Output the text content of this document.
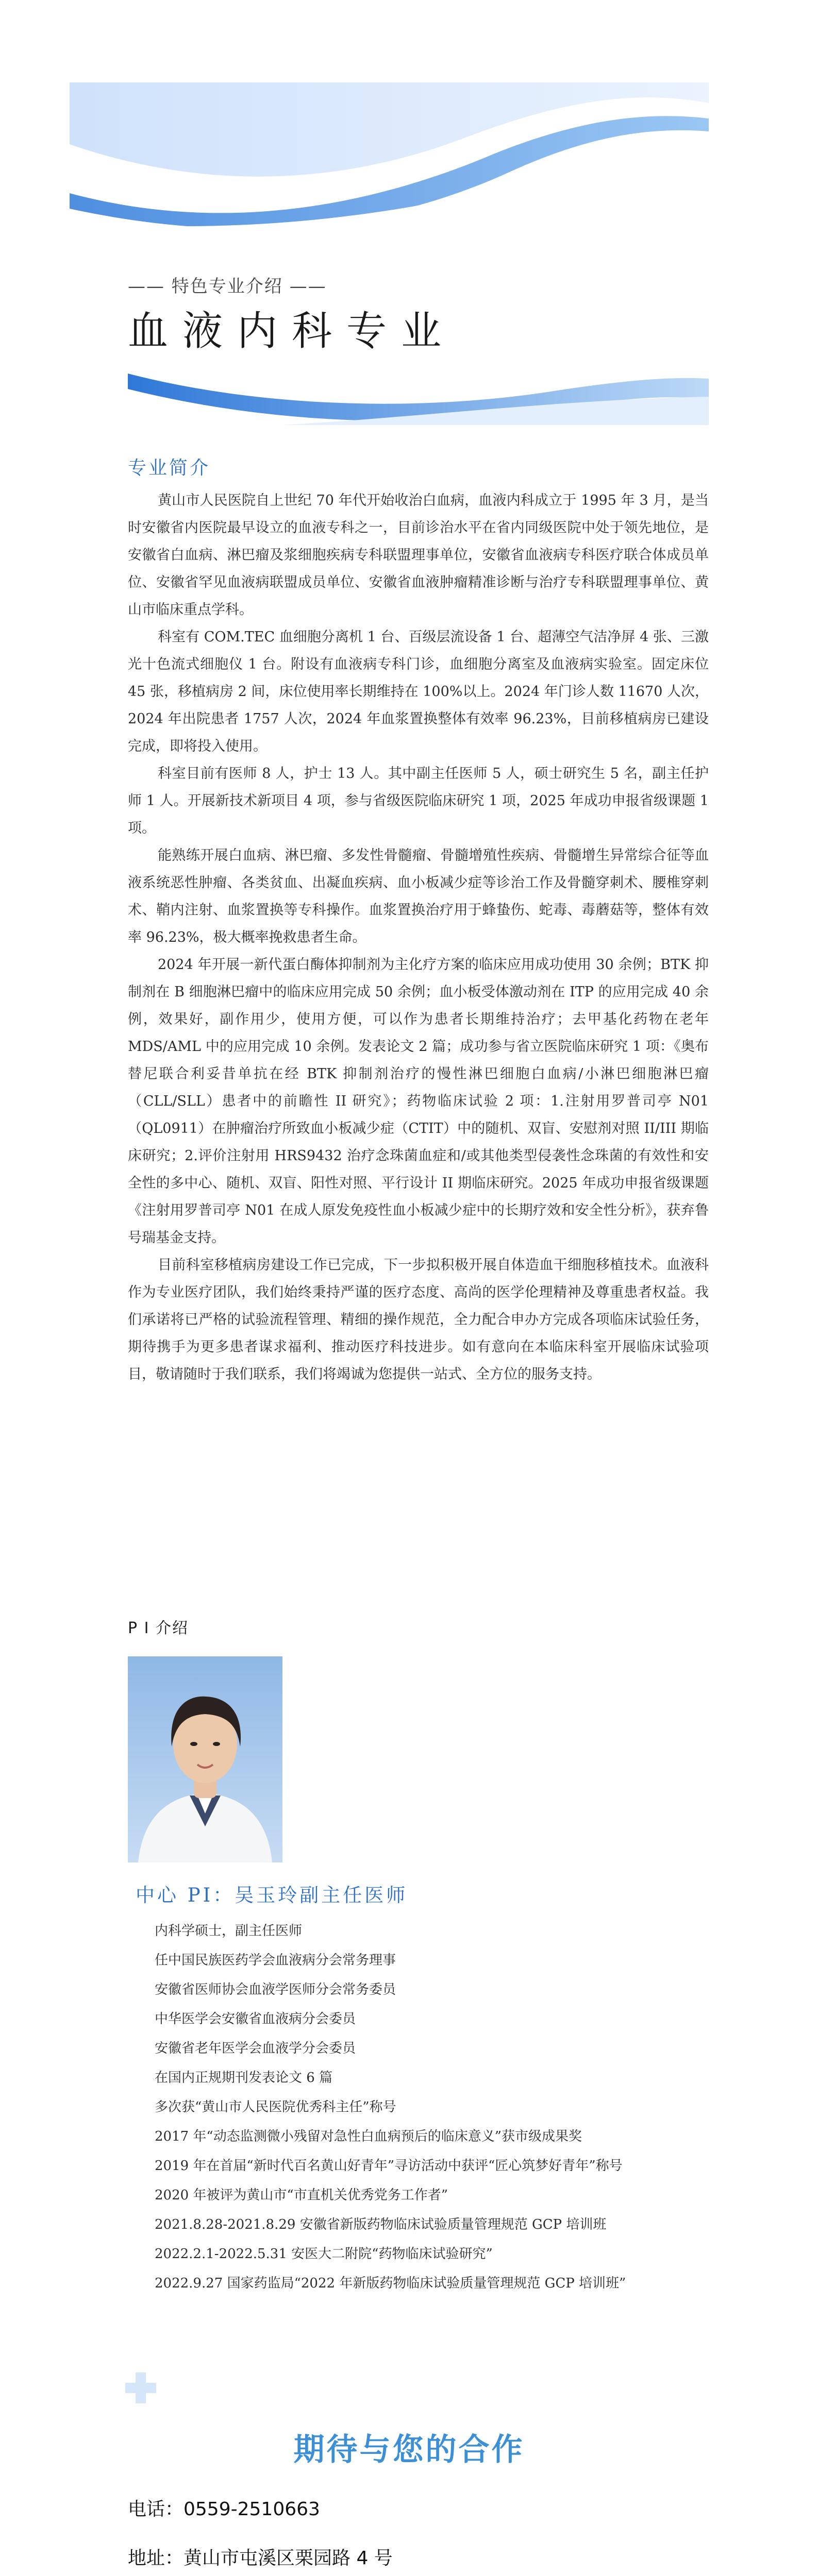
—— 特色专业介绍 ——
血液内科专业
专业简介

黄山市人民医院自上世纪 70 年代开始收治白血病，血液内科成立于 1995 年 3 月，是当时安徽省内医院最早设立的血液专科之一，目前诊治水平在省内同级医院中处于领先地位，是安徽省白血病、淋巴瘤及浆细胞疾病专科联盟理事单位，安徽省血液病专科医疗联合体成员单位、安徽省罕见血液病联盟成员单位、安徽省血液肿瘤精准诊断与治疗专科联盟理事单位、黄山市临床重点学科。

科室有 COM.TEC 血细胞分离机 1 台、百级层流设备 1 台、超薄空气洁净屏 4 张、三激光十色流式细胞仪 1 台。附设有血液病专科门诊，血细胞分离室及血液病实验室。固定床位 45 张，移植病房 2 间，床位使用率长期维持在 100%以上。2024 年门诊人数 11670 人次，2024 年出院患者 1757 人次，2024 年血浆置换整体有效率 96.23%，目前移植病房已建设完成，即将投入使用。

科室目前有医师 8 人，护士 13 人。其中副主任医师 5 人，硕士研究生 5 名，副主任护师 1 人。开展新技术新项目 4 项，参与省级医院临床研究 1 项，2025 年成功申报省级课题 1 项。

能熟练开展白血病、淋巴瘤、多发性骨髓瘤、骨髓增殖性疾病、骨髓增生异常综合征等血液系统恶性肿瘤、各类贫血、出凝血疾病、血小板减少症等诊治工作及骨髓穿刺术、腰椎穿刺术、鞘内注射、血浆置换等专科操作。血浆置换治疗用于蜂蛰伤、蛇毒、毒蘑菇等，整体有效率 96.23%，极大概率挽救患者生命。

2024 年开展一新代蛋白酶体抑制剂为主化疗方案的临床应用成功使用 30 余例；BTK 抑制剂在 B 细胞淋巴瘤中的临床应用完成 50 余例；血小板受体激动剂在 ITP 的应用完成 40 余例，效果好，副作用少，使用方便，可以作为患者长期维持治疗；去甲基化药物在老年 MDS/AML 中的应用完成 10 余例。发表论文 2 篇；成功参与省立医院临床研究 1 项：《奥布替尼联合利妥昔单抗在经 BTK 抑制剂治疗的慢性淋巴细胞白血病/小淋巴细胞淋巴瘤（CLL/SLL）患者中的前瞻性 II 研究》；药物临床试验 2 项：1.注射用罗普司亭 N01（QL0911）在肿瘤治疗所致血小板减少症（CTIT）中的随机、双盲、安慰剂对照 II/III 期临床研究；2.评价注射用 HRS9432 治疗念珠菌血症和/或其他类型侵袭性念珠菌的有效性和安全性的多中心、随机、双盲、阳性对照、平行设计 II 期临床研究。2025 年成功申报省级课题《注射用罗普司亭 N01 在成人原发免疫性血小板减少症中的长期疗效和安全性分析》，获弃鲁号瑞基金支持。

目前科室移植病房建设工作已完成，下一步拟积极开展自体造血干细胞移植技术。血液科作为专业医疗团队，我们始终秉持严谨的医疗态度、高尚的医学伦理精神及尊重患者权益。我们承诺将已严格的试验流程管理、精细的操作规范，全力配合申办方完成各项临床试验任务，期待携手为更多患者谋求福利、推动医疗科技进步。如有意向在本临床科室开展临床试验项目，敬请随时于我们联系，我们将竭诚为您提供一站式、全方位的服务支持。

P I 介绍
中心 PI：吴玉玲副主任医师
内科学硕士，副主任医师
任中国民族医药学会血液病分会常务理事
安徽省医师协会血液学医师分会常务委员
中华医学会安徽省血液病分会委员
安徽省老年医学会血液学分会委员
在国内正规期刊发表论文 6 篇
多次获“黄山市人民医院优秀科主任”称号
2017 年“动态监测微小残留对急性白血病预后的临床意义”获市级成果奖
2019 年在首届“新时代百名黄山好青年”寻访活动中获评“匠心筑梦好青年”称号
2020 年被评为黄山市“市直机关优秀党务工作者”
2021.8.28-2021.8.29 安徽省新版药物临床试验质量管理规范 GCP 培训班
2022.2.1-2022.5.31 安医大二附院“药物临床试验研究”
2022.9.27 国家药监局“2022 年新版药物临床试验质量管理规范 GCP 培训班”
期待与您的合作
电话：0559-2510663
地址：黄山市屯溪区栗园路 4 号
